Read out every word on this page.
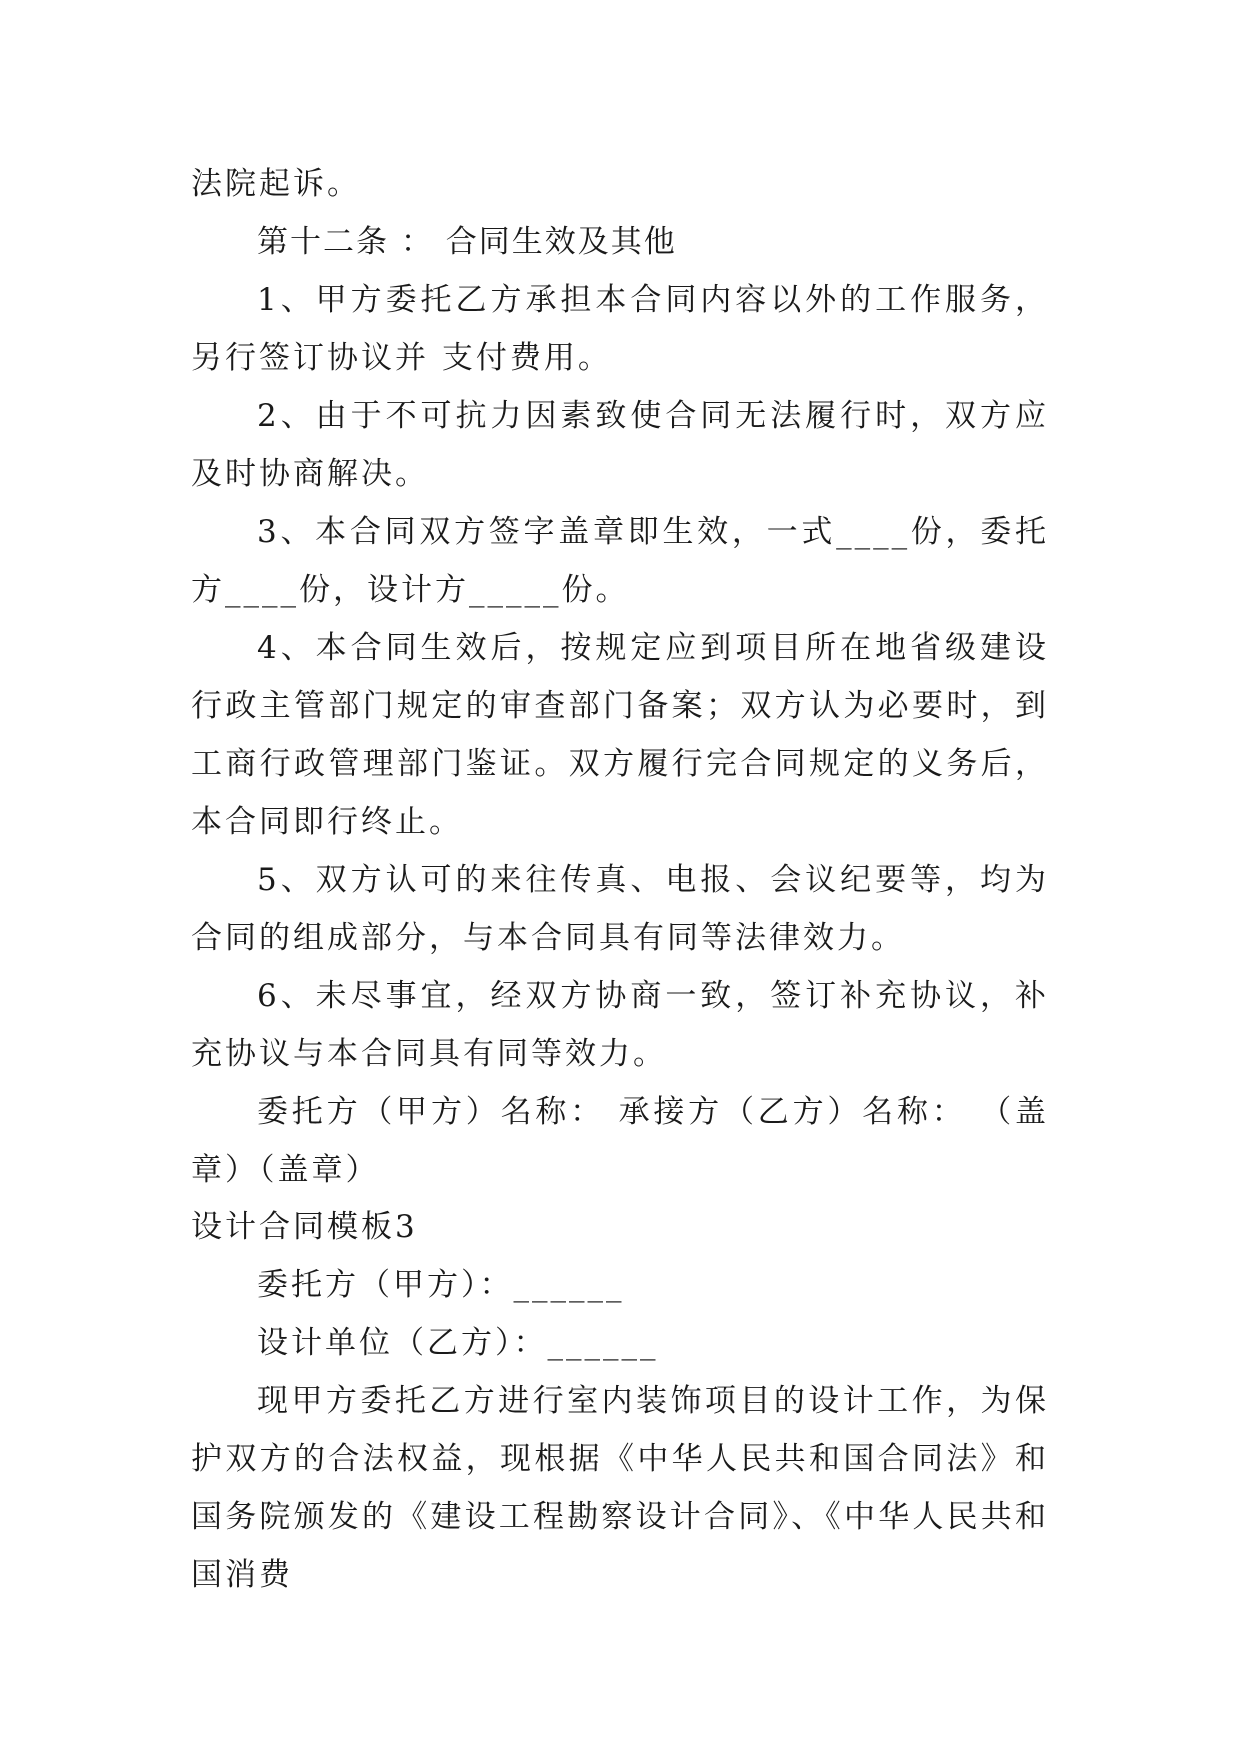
法院起诉。

第十二条 ： 合同生效及其他

1、甲方委托乙方承担本合同内容以外的工作服务，另行签订协议并 支付费用。

2、由于不可抗力因素致使合同无法履行时，双方应及时协商解决。

3、本合同双方签字盖章即生效，一式____份，委托方____份，设计方_____份。

4、本合同生效后，按规定应到项目所在地省级建设行政主管部门规定的审查部门备案；双方认为必要时，到工商行政管理部门鉴证。双方履行完合同规定的义务后，本合同即行终止。

5、双方认可的来往传真、电报、会议纪要等，均为合同的组成部分，与本合同具有同等法律效力。

6、未尽事宜，经双方协商一致，签订补充协议，补充协议与本合同具有同等效力。

委托方（甲方）名称： 承接方（乙方）名称： （盖章）（盖章）

设计合同模板3

委托方（甲方）：______

设计单位（乙方）：______

现甲方委托乙方进行室内装饰项目的设计工作，为保护双方的合法权益，现根据《中华人民共和国合同法》和国务院颁发的《建设工程勘察设计合同》、《中华人民共和国消费
